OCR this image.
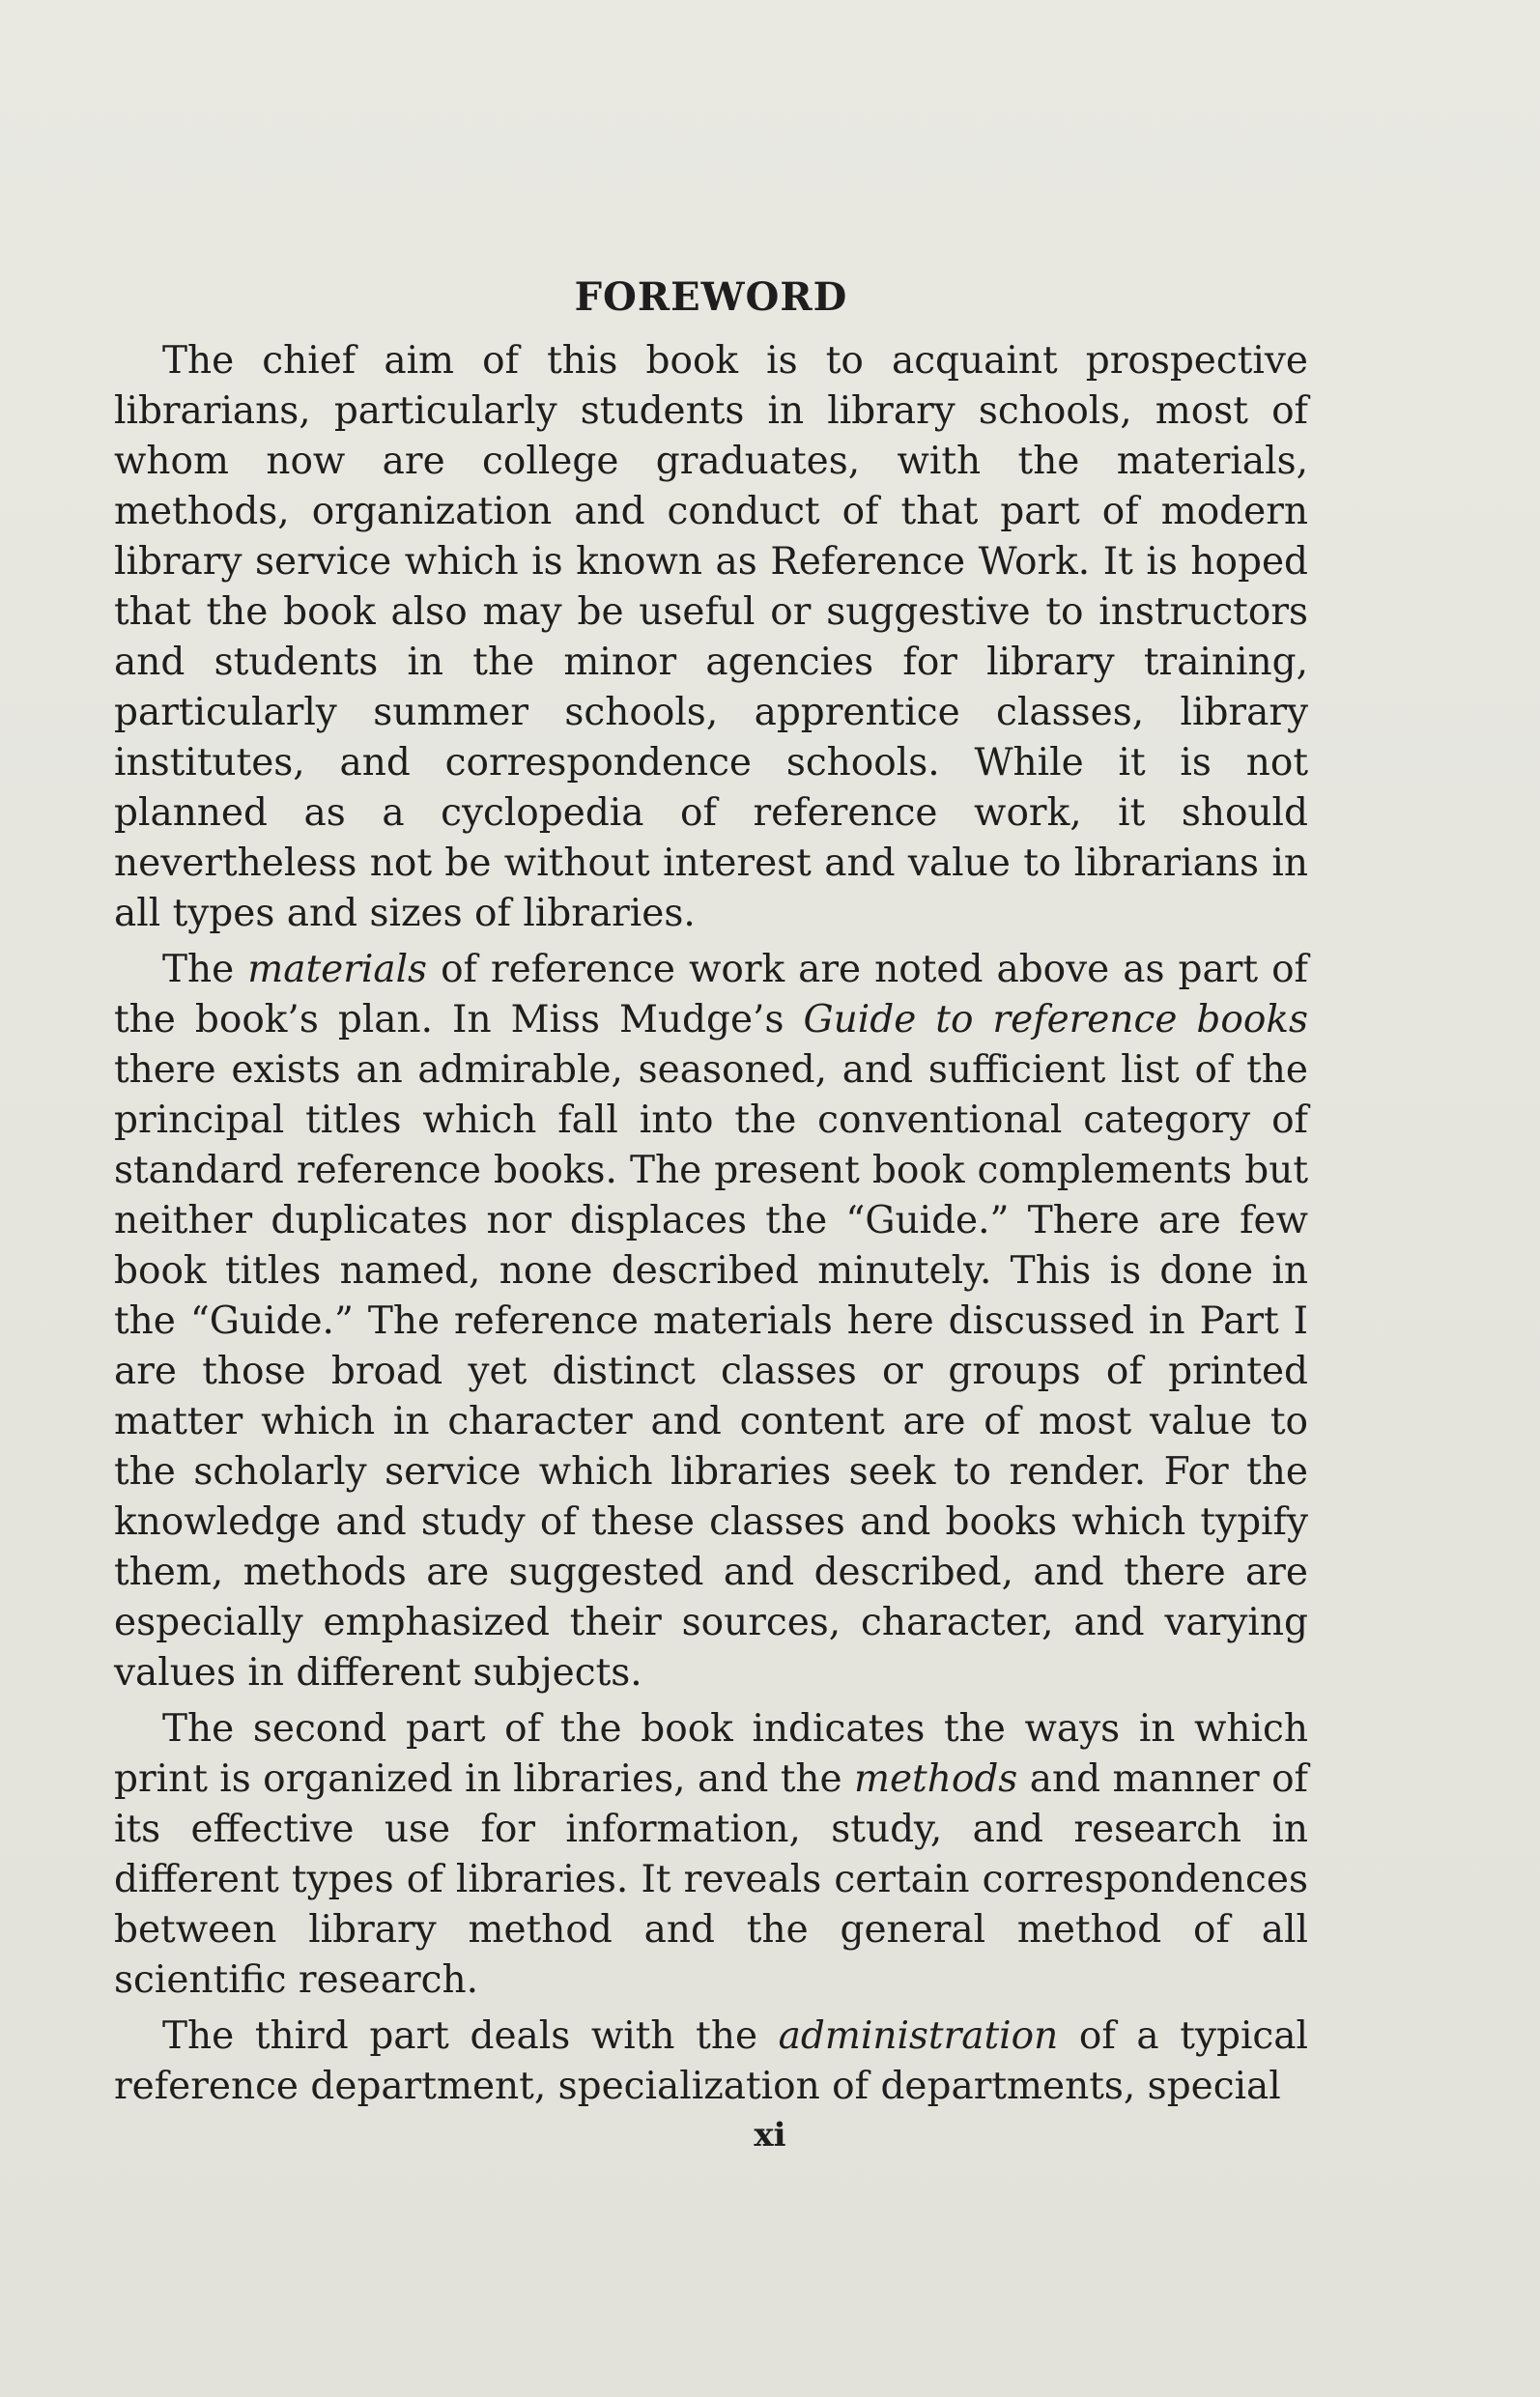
FOREWORD

The chief aim of this book is to acquaint prospective librarians, particularly students in library schools, most of whom now are college graduates, with the materials, methods, organization and conduct of that part of modern library service which is known as Reference Work. It is hoped that the book also may be useful or suggestive to instructors and students in the minor agencies for library training, particularly summer schools, apprentice classes, library institutes, and correspondence schools. While it is not planned as a cyclopedia of reference work, it should nevertheless not be without interest and value to librarians in all types and sizes of libraries.

The materials of reference work are noted above as part of the book’s plan. In Miss Mudge’s Guide to reference books there exists an admirable, seasoned, and sufficient list of the principal titles which fall into the conventional category of standard reference books. The present book complements but neither duplicates nor displaces the “Guide.” There are few book titles named, none described minutely. This is done in the “Guide.” The reference materials here discussed in Part I are those broad yet distinct classes or groups of printed matter which in character and content are of most value to the scholarly service which libraries seek to render. For the knowledge and study of these classes and books which typify them, methods are suggested and described, and there are especially emphasized their sources, character, and varying values in different subjects.

The second part of the book indicates the ways in which print is organized in libraries, and the methods and manner of its effective use for information, study, and research in different types of libraries. It reveals certain correspondences between library method and the general method of all scientific research.

The third part deals with the administration of a typical reference department, specialization of departments, special

xi
